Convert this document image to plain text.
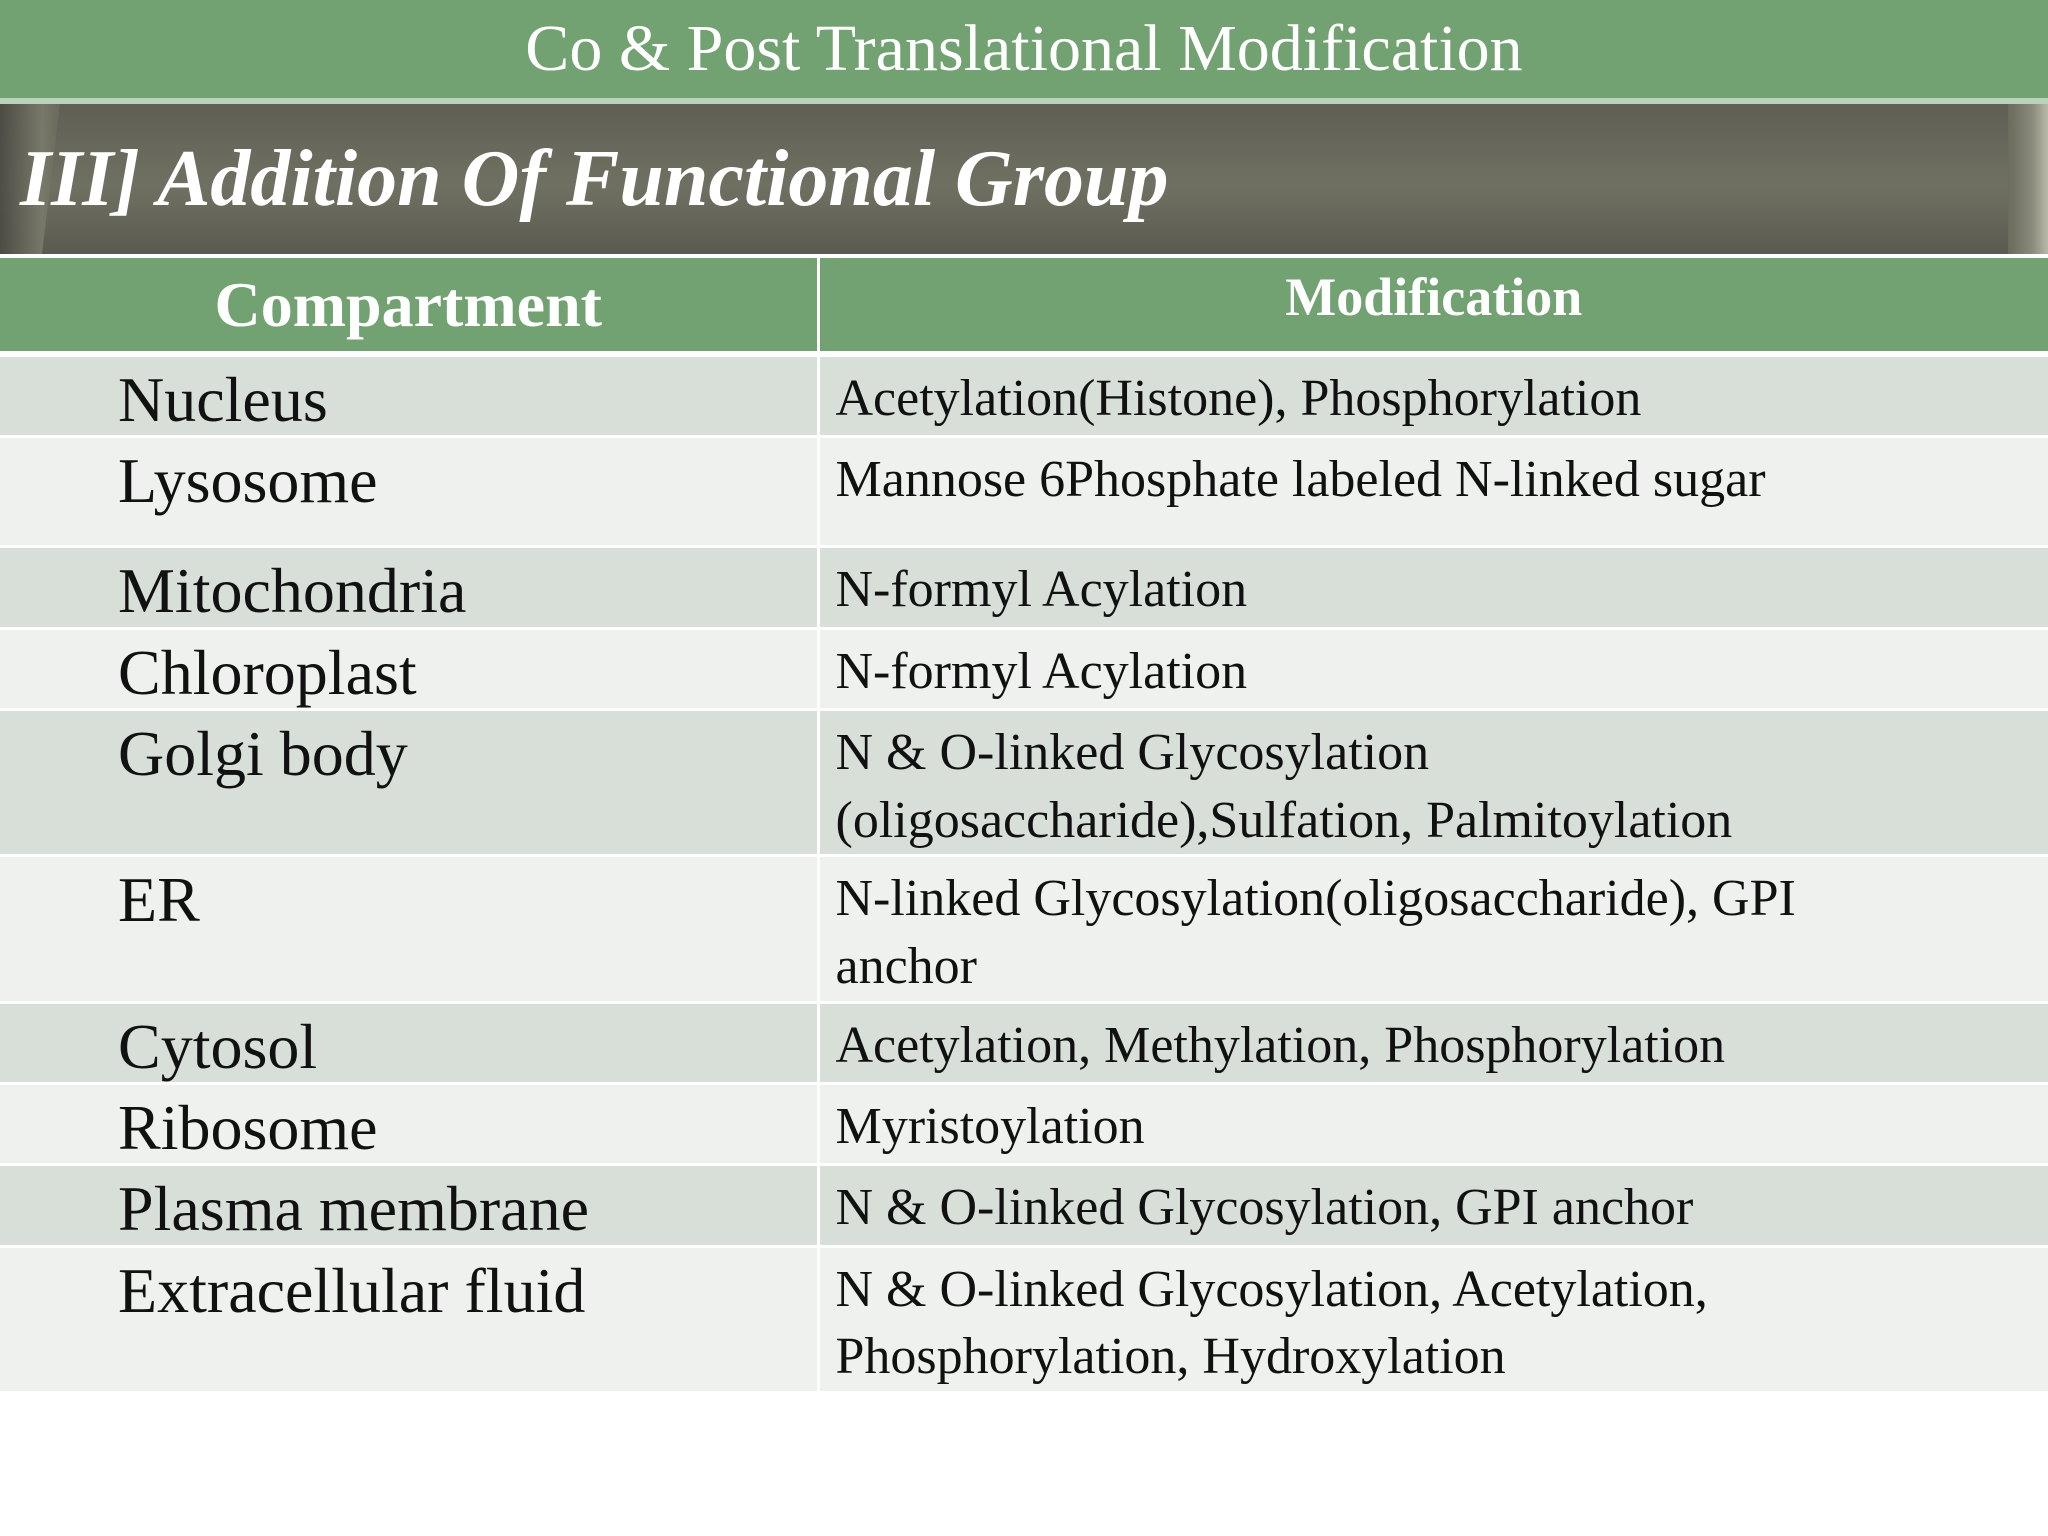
Co & Post Translational Modification
III] Addition Of Functional Group
Compartment	Modification
Nucleus	Acetylation(Histone), Phosphorylation
Lysosome	Mannose 6Phosphate labeled N-linked sugar
Mitochondria	N-formyl Acylation
Chloroplast	N-formyl Acylation
Golgi body	N & O-linked Glycosylation (oligosaccharide),Sulfation, Palmitoylation
ER	N-linked Glycosylation(oligosaccharide), GPI anchor
Cytosol	Acetylation, Methylation, Phosphorylation
Ribosome	Myristoylation
Plasma membrane	N & O-linked Glycosylation, GPI anchor
Extracellular fluid	N & O-linked Glycosylation, Acetylation, Phosphorylation, Hydroxylation
